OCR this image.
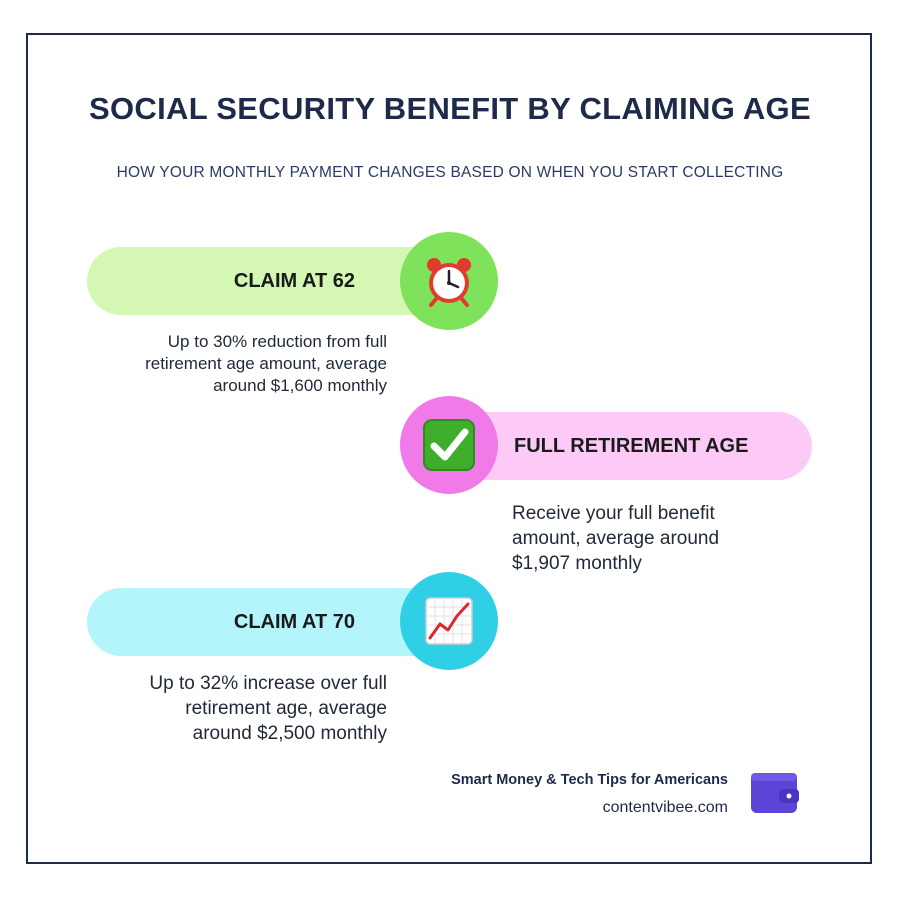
SOCIAL SECURITY BENEFIT BY CLAIMING AGE
HOW YOUR MONTHLY PAYMENT CHANGES BASED ON WHEN YOU START COLLECTING
CLAIM AT 62
Up to 30% reduction from full
retirement age amount, average
around $1,600 monthly
FULL RETIREMENT AGE
Receive your full benefit
amount, average around
$1,907 monthly
CLAIM AT 70
Up to 32% increase over full
retirement age, average
around $2,500 monthly
Smart Money & Tech Tips for Americans
contentvibee.com
